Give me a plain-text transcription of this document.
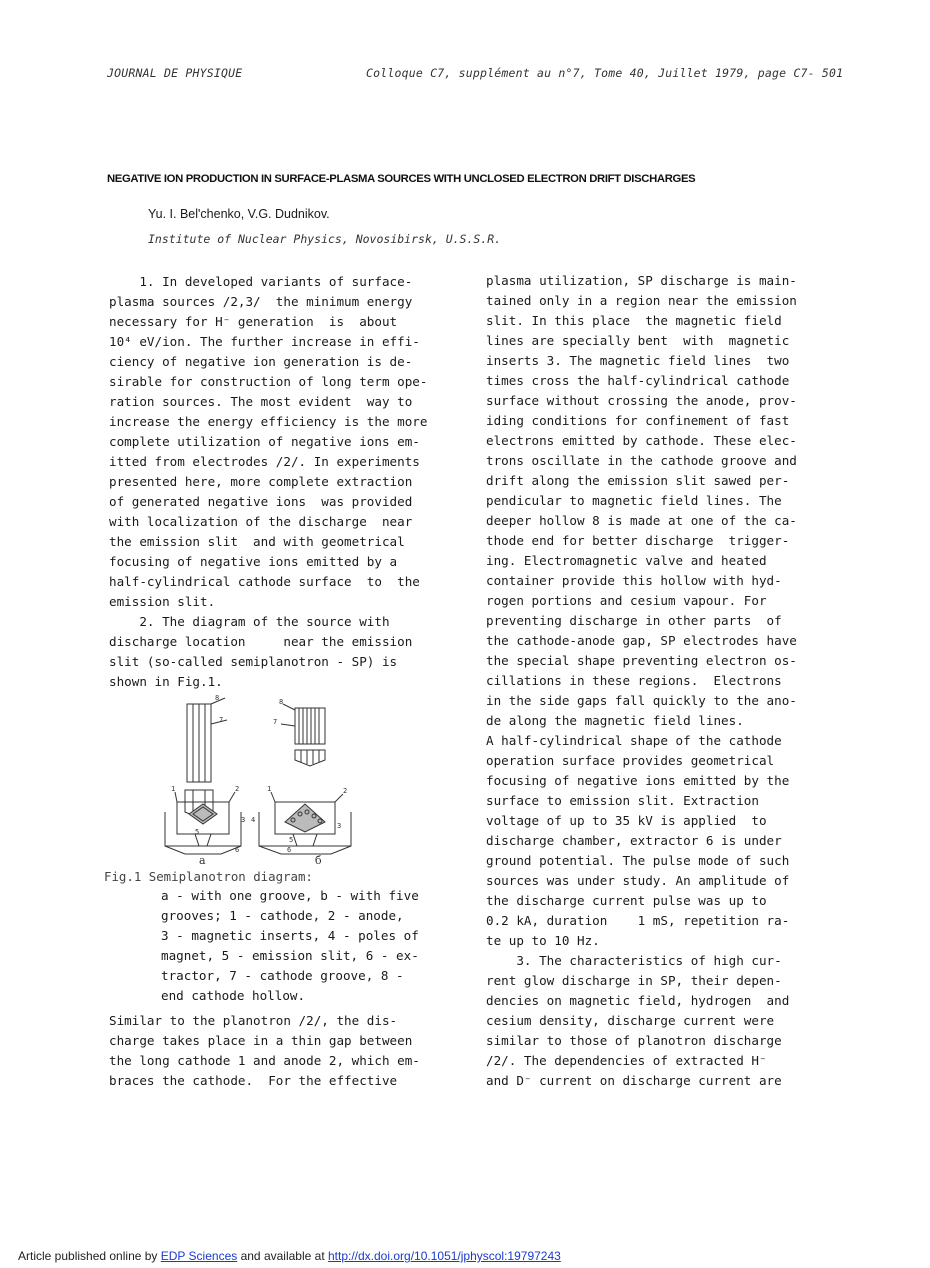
JOURNAL DE PHYSIQUE	Colloque C7, supplément au n°7, Tome 40, Juillet 1979, page C7- 501
NEGATIVE ION PRODUCTION IN SURFACE-PLASMA SOURCES WITH UNCLOSED ELECTRON DRIFT DISCHARGES
Yu. I. Bel'chenko, V.G. Dudnikov.
Institute of Nuclear Physics, Novosibirsk, U.S.S.R.
1. In developed variants of surface-
plasma sources /2,3/  the minimum energy
necessary for H⁻ generation  is  about
10⁴ eV/ion. The further increase in effi-
ciency of negative ion generation is de-
sirable for construction of long term ope-
ration sources. The most evident  way to
increase the energy efficiency is the more
complete utilization of negative ions em-
itted from electrodes /2/. In experiments
presented here, more complete extraction
of generated negative ions  was provided
with localization of the discharge  near
the emission slit  and with geometrical
focusing of negative ions emitted by a
half-cylindrical cathode surface  to  the
emission slit.
2. The diagram of the source with
discharge location     near the emission
slit (so-called semiplanotron - SP) is
shown in Fig.1.
8
7
8
7
1	2
3 4
5
6
1	2
3
5
6
a	б
Fig.1 Semiplanotron diagram:
a - with one groove, b - with five
grooves; 1 - cathode, 2 - anode,
3 - magnetic inserts, 4 - poles of
magnet, 5 - emission slit, 6 - ex-
tractor, 7 - cathode groove, 8 -
end cathode hollow.
Similar to the planotron /2/, the dis-
charge takes place in a thin gap between
the long cathode 1 and anode 2, which em-
braces the cathode.  For the effective
plasma utilization, SP discharge is main-
tained only in a region near the emission
slit. In this place  the magnetic field
lines are specially bent  with  magnetic
inserts 3. The magnetic field lines  two
times cross the half-cylindrical cathode
surface without crossing the anode, prov-
iding conditions for confinement of fast
electrons emitted by cathode. These elec-
trons oscillate in the cathode groove and
drift along the emission slit sawed per-
pendicular to magnetic field lines. The
deeper hollow 8 is made at one of the ca-
thode end for better discharge  trigger-
ing. Electromagnetic valve and heated
container provide this hollow with hyd-
rogen portions and cesium vapour. For
preventing discharge in other parts  of
the cathode-anode gap, SP electrodes have
the special shape preventing electron os-
cillations in these regions.  Electrons
in the side gaps fall quickly to the ano-
de along the magnetic field lines.
A half-cylindrical shape of the cathode
operation surface provides geometrical
focusing of negative ions emitted by the
surface to emission slit. Extraction
voltage of up to 35 kV is applied  to
discharge chamber, extractor 6 is under
ground potential. The pulse mode of such
sources was under study. An amplitude of
the discharge current pulse was up to
0.2 kA, duration    1 mS, repetition ra-
te up to 10 Hz.
3. The characteristics of high cur-
rent glow discharge in SP, their depen-
dencies on magnetic field, hydrogen  and
cesium density, discharge current were
similar to those of planotron discharge
/2/. The dependencies of extracted H⁻
and D⁻ current on discharge current are
Article published online by EDP Sciences and available at http://dx.doi.org/10.1051/jphyscol:19797243
